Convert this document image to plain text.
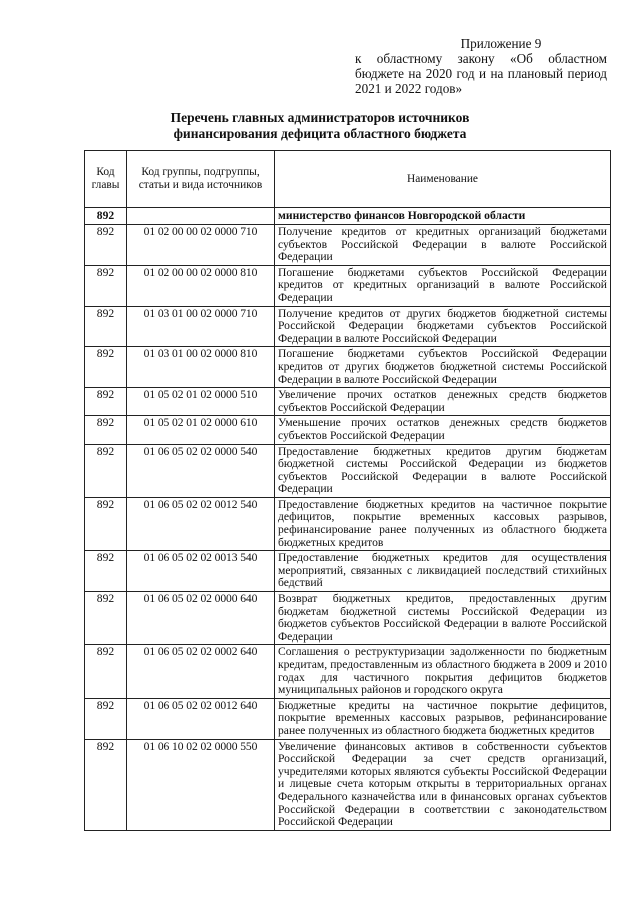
Приложение 9
к областному закону «Об областном бюджете на 2020 год и на плановый период 2021 и 2022 годов»
Перечень главных администраторов источников
финансирования дефицита областного бюджета
Код главы	Код группы, подгруппы, статьи и вида источников	Наименование
892		министерство финансов Новгородской области
892	01 02 00 00 02 0000 710	Получение кредитов от кредитных организаций бюджетами субъектов Российской Федерации в валюте Российской Федерации
892	01 02 00 00 02 0000 810	Погашение бюджетами субъектов Российской Федерации кредитов от кредитных организаций в валюте Российской Федерации
892	01 03 01 00 02 0000 710	Получение кредитов от других бюджетов бюджетной системы Российской Федерации бюджетами субъектов Российской Федерации в валюте Российской Федерации
892	01 03 01 00 02 0000 810	Погашение бюджетами субъектов Российской Федерации кредитов от других бюджетов бюджетной системы Российской Федерации в валюте Российской Федерации
892	01 05 02 01 02 0000 510	Увеличение прочих остатков денежных средств бюджетов субъектов Российской Федерации
892	01 05 02 01 02 0000 610	Уменьшение прочих остатков денежных средств бюджетов субъектов Российской Федерации
892	01 06 05 02 02 0000 540	Предоставление бюджетных кредитов другим бюджетам бюджетной системы Российской Федерации из бюджетов субъектов Российской Федерации в валюте Российской Федерации
892	01 06 05 02 02 0012 540	Предоставление бюджетных кредитов на частичное покрытие дефицитов, покрытие временных кассовых разрывов, рефинансирование ранее полученных из областного бюджета бюджетных кредитов
892	01 06 05 02 02 0013 540	Предоставление бюджетных кредитов для осуществления мероприятий, связанных с ликвидацией последствий стихийных бедствий
892	01 06 05 02 02 0000 640	Возврат бюджетных кредитов, предоставленных другим бюджетам бюджетной системы Российской Федерации из бюджетов субъектов Российской Федерации в валюте Российской Федерации
892	01 06 05 02 02 0002 640	Соглашения о реструктуризации задолженности по бюджетным кредитам, предоставленным из областного бюджета в 2009 и 2010 годах для частичного покрытия дефицитов бюджетов муниципальных районов и городского округа
892	01 06 05 02 02 0012 640	Бюджетные кредиты на частичное покрытие дефицитов, покрытие временных кассовых разрывов, рефинансирование ранее полученных из областного бюджета бюджетных кредитов
892	01 06 10 02 02 0000 550	Увеличение финансовых активов в собственности субъектов Российской Федерации за счет средств организаций, учредителями которых являются субъекты Российской Федерации и лицевые счета которым открыты в территориальных органах Федерального казначейства или в финансовых органах субъектов Российской Федерации в соответствии с законодательством Российской Федерации
